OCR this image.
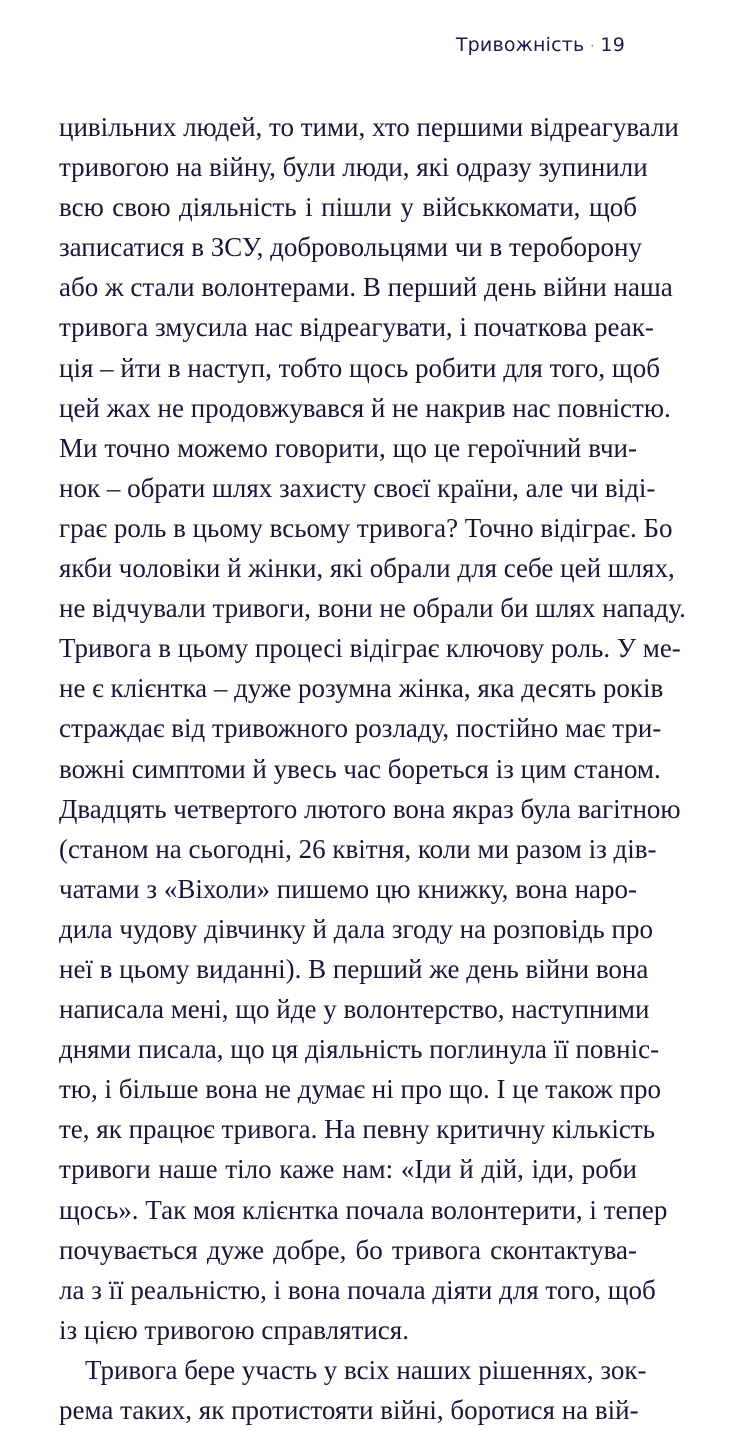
Тривожність · 19
цивільних людей, то тими, хто першими відреагували
тривогою на війну, були люди, які одразу зупинили
всю свою діяльність і пішли у військкомати, щоб
записатися в ЗСУ, добровольцями чи в тероборону
або ж стали волонтерами. В перший день війни наша
тривога змусила нас відреагувати, і початкова реак-
ція – йти в наступ, тобто щось робити для того, щоб
цей жах не продовжувався й не накрив нас повністю.
Ми точно можемо говорити, що це героїчний вчи-
нок – обрати шлях захисту своєї країни, але чи віді-
грає роль в цьому всьому тривога? Точно відіграє. Бо
якби чоловіки й жінки, які обрали для себе цей шлях,
не відчували тривоги, вони не обрали би шлях нападу.
Тривога в цьому процесі відіграє ключову роль. У ме-
не є клієнтка – дуже розумна жінка, яка десять років
страждає від тривожного розладу, постійно має три-
вожні симптоми й увесь час бореться із цим станом.
Двадцять четвертого лютого вона якраз була вагітною
(станом на сьогодні, 26 квітня, коли ми разом із дів-
чатами з «Віхоли» пишемо цю книжку, вона наро-
дила чудову дівчинку й дала згоду на розповідь про
неї в цьому виданні). В перший же день війни вона
написала мені, що йде у волонтерство, наступними
днями писала, що ця діяльність поглинула її повніс-
тю, і більше вона не думає ні про що. І це також про
те, як працює тривога. На певну критичну кількість
тривоги наше тіло каже нам: «Іди й дій, іди, роби
щось». Так моя клієнтка почала волонтерити, і тепер
почувається дуже добре, бо тривога сконтактува-
ла з її реальністю, і вона почала діяти для того, щоб
із цією тривогою справлятися.
Тривога бере участь у всіх наших рішеннях, зок-
рема таких, як протистояти війні, боротися на вій-
